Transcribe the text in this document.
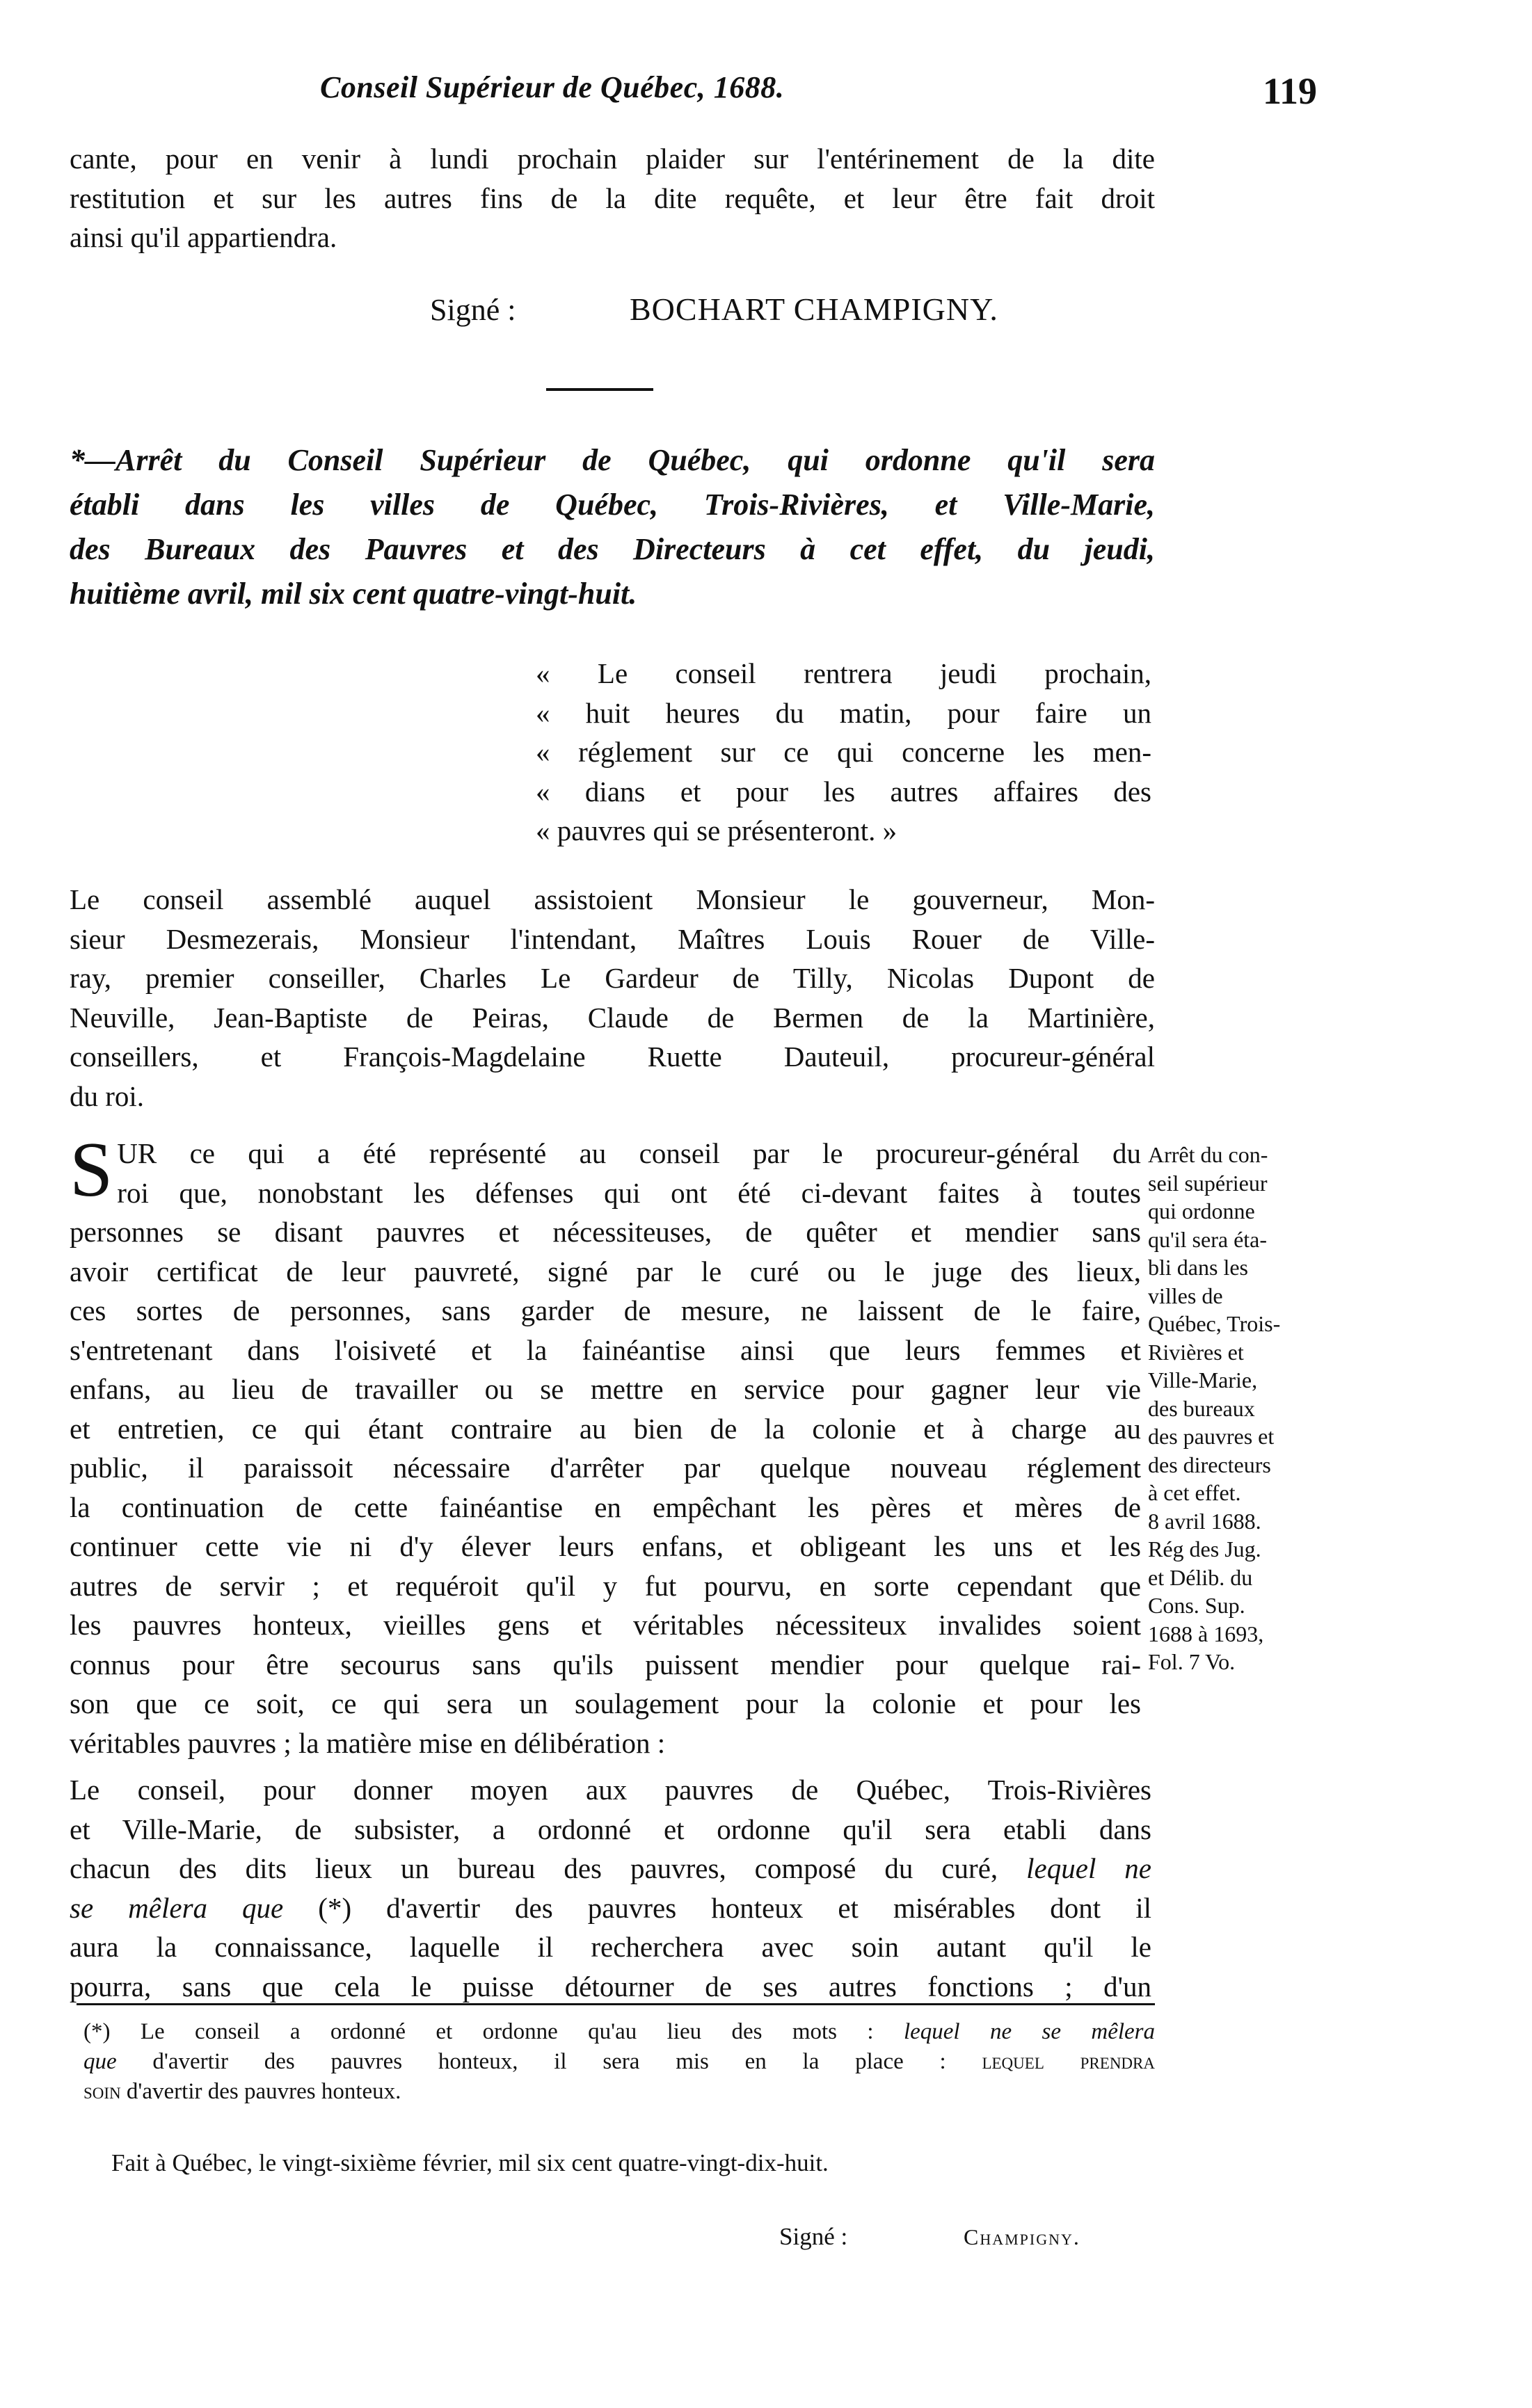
Conseil Supérieur de Québec, 1688.	119
cante, pour en venir à lundi prochain plaider sur l'entérinement de la dite
restitution et sur les autres fins de la dite requête, et leur être fait droit
ainsi qu'il appartiendra.
Signé :	BOCHART CHAMPIGNY.
*—Arrêt du Conseil Supérieur de Québec, qui ordonne qu'il sera
établi dans les villes de Québec, Trois-Rivières, et Ville-Marie,
des Bureaux des Pauvres et des Directeurs à cet effet, du jeudi,
huitième avril, mil six cent quatre-vingt-huit.
« Le conseil rentrera jeudi prochain,
« huit heures du matin, pour faire un
« réglement sur ce qui concerne les men-
« dians et pour les autres affaires des
« pauvres qui se présenteront. »
Le conseil assemblé auquel assistoient Monsieur le gouverneur, Mon-
sieur Desmezerais, Monsieur l'intendant, Maîtres Louis Rouer de Ville-
ray, premier conseiller, Charles Le Gardeur de Tilly, Nicolas Dupont de
Neuville, Jean-Baptiste de Peiras, Claude de Bermen de la Martinière,
conseillers, et François-Magdelaine Ruette Dauteuil, procureur-général
du roi.
S UR ce qui a été représenté au conseil par le procureur-général du
roi que, nonobstant les défenses qui ont été ci-devant faites à toutes
personnes se disant pauvres et nécessiteuses, de quêter et mendier sans
avoir certificat de leur pauvreté, signé par le curé ou le juge des lieux,
ces sortes de personnes, sans garder de mesure, ne laissent de le faire,
s'entretenant dans l'oisiveté et la fainéantise ainsi que leurs femmes et
enfans, au lieu de travailler ou se mettre en service pour gagner leur vie
et entretien, ce qui étant contraire au bien de la colonie et à charge au
public, il paraissoit nécessaire d'arrêter par quelque nouveau réglement
la continuation de cette fainéantise en empêchant les pères et mères de
continuer cette vie ni d'y élever leurs enfans, et obligeant les uns et les
autres de servir ; et requéroit qu'il y fut pourvu, en sorte cependant que
les pauvres honteux, vieilles gens et véritables nécessiteux invalides soient
connus pour être secourus sans qu'ils puissent mendier pour quelque rai-
son que ce soit, ce qui sera un soulagement pour la colonie et pour les
véritables pauvres ; la matière mise en délibération :
Arrêt du con-
seil supérieur
qui ordonne
qu'il sera éta-
bli dans les
villes de
Québec, Trois-
Rivières et
Ville-Marie,
des bureaux
des pauvres et
des directeurs
à cet effet.
8 avril 1688.
Rég des Jug.
et Délib. du
Cons. Sup.
1688 à 1693,
Fol. 7 Vo.
Le conseil, pour donner moyen aux pauvres de Québec, Trois-Rivières
et Ville-Marie, de subsister, a ordonné et ordonne qu'il sera etabli dans
chacun des dits lieux un bureau des pauvres, composé du curé, lequel ne
se mêlera que (*) d'avertir des pauvres honteux et misérables dont il
aura la connaissance, laquelle il recherchera avec soin autant qu'il le
pourra, sans que cela le puisse détourner de ses autres fonctions ; d'un
(*) Le conseil a ordonné et ordonne qu'au lieu des mots : lequel ne se mêlera
que d'avertir des pauvres honteux, il sera mis en la place : lequel prendra
soin d'avertir des pauvres honteux.
Fait à Québec, le vingt-sixième février, mil six cent quatre-vingt-dix-huit.
Signé :	Champigny.
